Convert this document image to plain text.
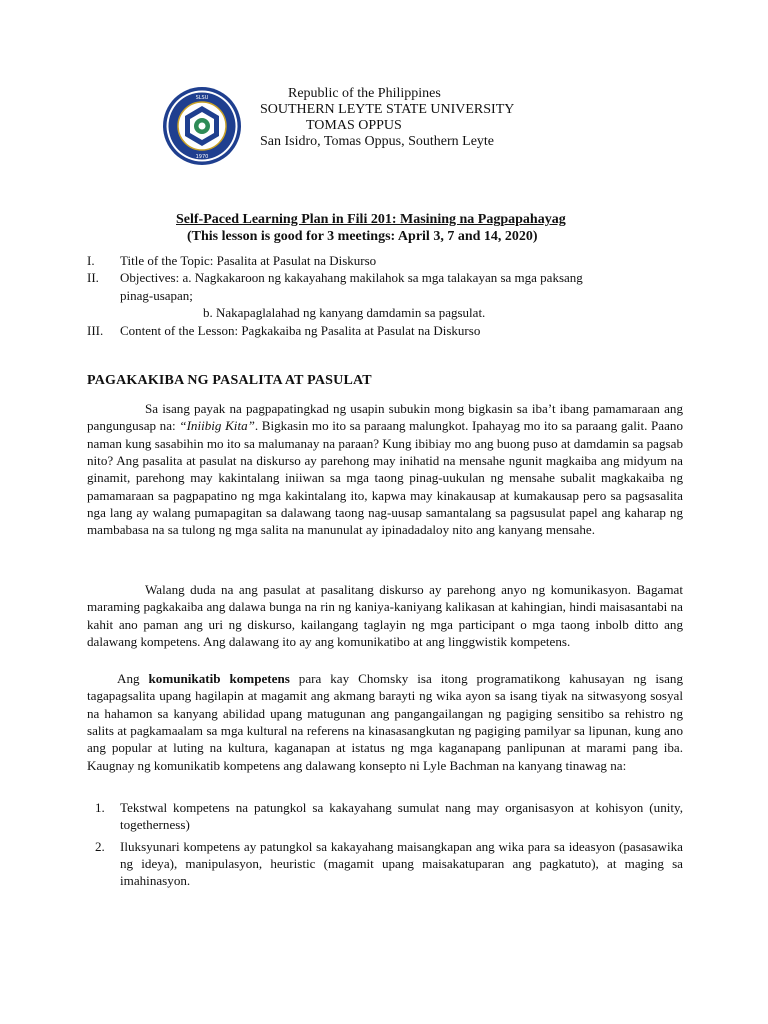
SLSU
1970
Republic of the Philippines
SOUTHERN LEYTE STATE UNIVERSITY
TOMAS OPPUS
San Isidro, Tomas Oppus, Southern Leyte
Self-Paced Learning Plan in Fili 201: Masining na Pagpapahayag
(This lesson is good for 3 meetings: April 3, 7 and 14, 2020)
I. Title of the Topic: Pasalita at Pasulat na Diskurso
II. Objectives: a. Nagkakaroon ng kakayahang makilahok sa mga talakayan sa mga paksang
pinag-usapan;
b. Nakapaglalahad ng kanyang damdamin sa pagsulat.
III. Content of the Lesson: Pagkakaiba ng Pasalita at Pasulat na Diskurso
PAGAKAKIBA NG PASALITA AT PASULAT

Sa isang payak na pagpapatingkad ng usapin subukin mong bigkasin sa iba’t ibang pamamaraan ang pangungusap na: “Iniibig Kita”. Bigkasin mo ito sa paraang malungkot. Ipahayag mo ito sa paraang galit. Paano naman kung sasabihin mo ito sa malumanay na paraan? Kung ibibiay mo ang buong puso at damdamin sa pagsab nito? Ang pasalita at pasulat na diskurso ay parehong may inihatid na mensahe ngunit magkaiba ang midyum na ginamit, parehong may kakintalang iniiwan sa mga taong pinag-uukulan ng mensahe subalit magkakaiba ng pamamaraan sa pagpapatino ng mga kakintalang ito, kapwa may kinakausap at kumakausap pero sa pagsasalita nga lang ay walang pumapagitan sa dalawang taong nag-uusap samantalang sa pagsusulat papel ang kaharap ng mambabasa na sa tulong ng mga salita na manunulat ay ipinadadaloy nito ang kanyang mensahe.

Walang duda na ang pasulat at pasalitang diskurso ay parehong anyo ng komunikasyon. Bagamat maraming pagkakaiba ang dalawa bunga na rin ng kaniya-kaniyang kalikasan at kahingian, hindi maisasantabi na kahit ano paman ang uri ng diskurso, kailangang taglayin ng mga participant o mga taong inbolb ditto ang dalawang kompetens. Ang dalawang ito ay ang komunikatibo at ang linggwistik kompetens.

Ang komunikatib kompetens para kay Chomsky isa itong programatikong kahusayan ng isang tagapagsalita upang hagilapin at magamit ang akmang barayti ng wika ayon sa isang tiyak na sitwasyong sosyal na hahamon sa kanyang abilidad upang matugunan ang pangangailangan ng pagiging sensitibo sa rehistro ng salits at pagkamaalam sa mga kultural na referens na kinasasangkutan ng pagiging pamilyar sa lipunan, kung ano ang popular at luting na kultura, kaganapan at istatus ng mga kaganapang panlipunan at marami pang iba. Kaugnay ng komunikatib kompetens ang dalawang konsepto ni Lyle Bachman na kanyang tinawag na:

1. Tekstwal kompetens na patungkol sa kakayahang sumulat nang may organisasyon at kohisyon (unity, togetherness)
2. Iluksyunari kompetens ay patungkol sa kakayahang maisangkapan ang wika para sa ideasyon (pasasawika ng ideya), manipulasyon, heuristic (magamit upang maisakatuparan ang pagkatuto), at maging sa imahinasyon.
